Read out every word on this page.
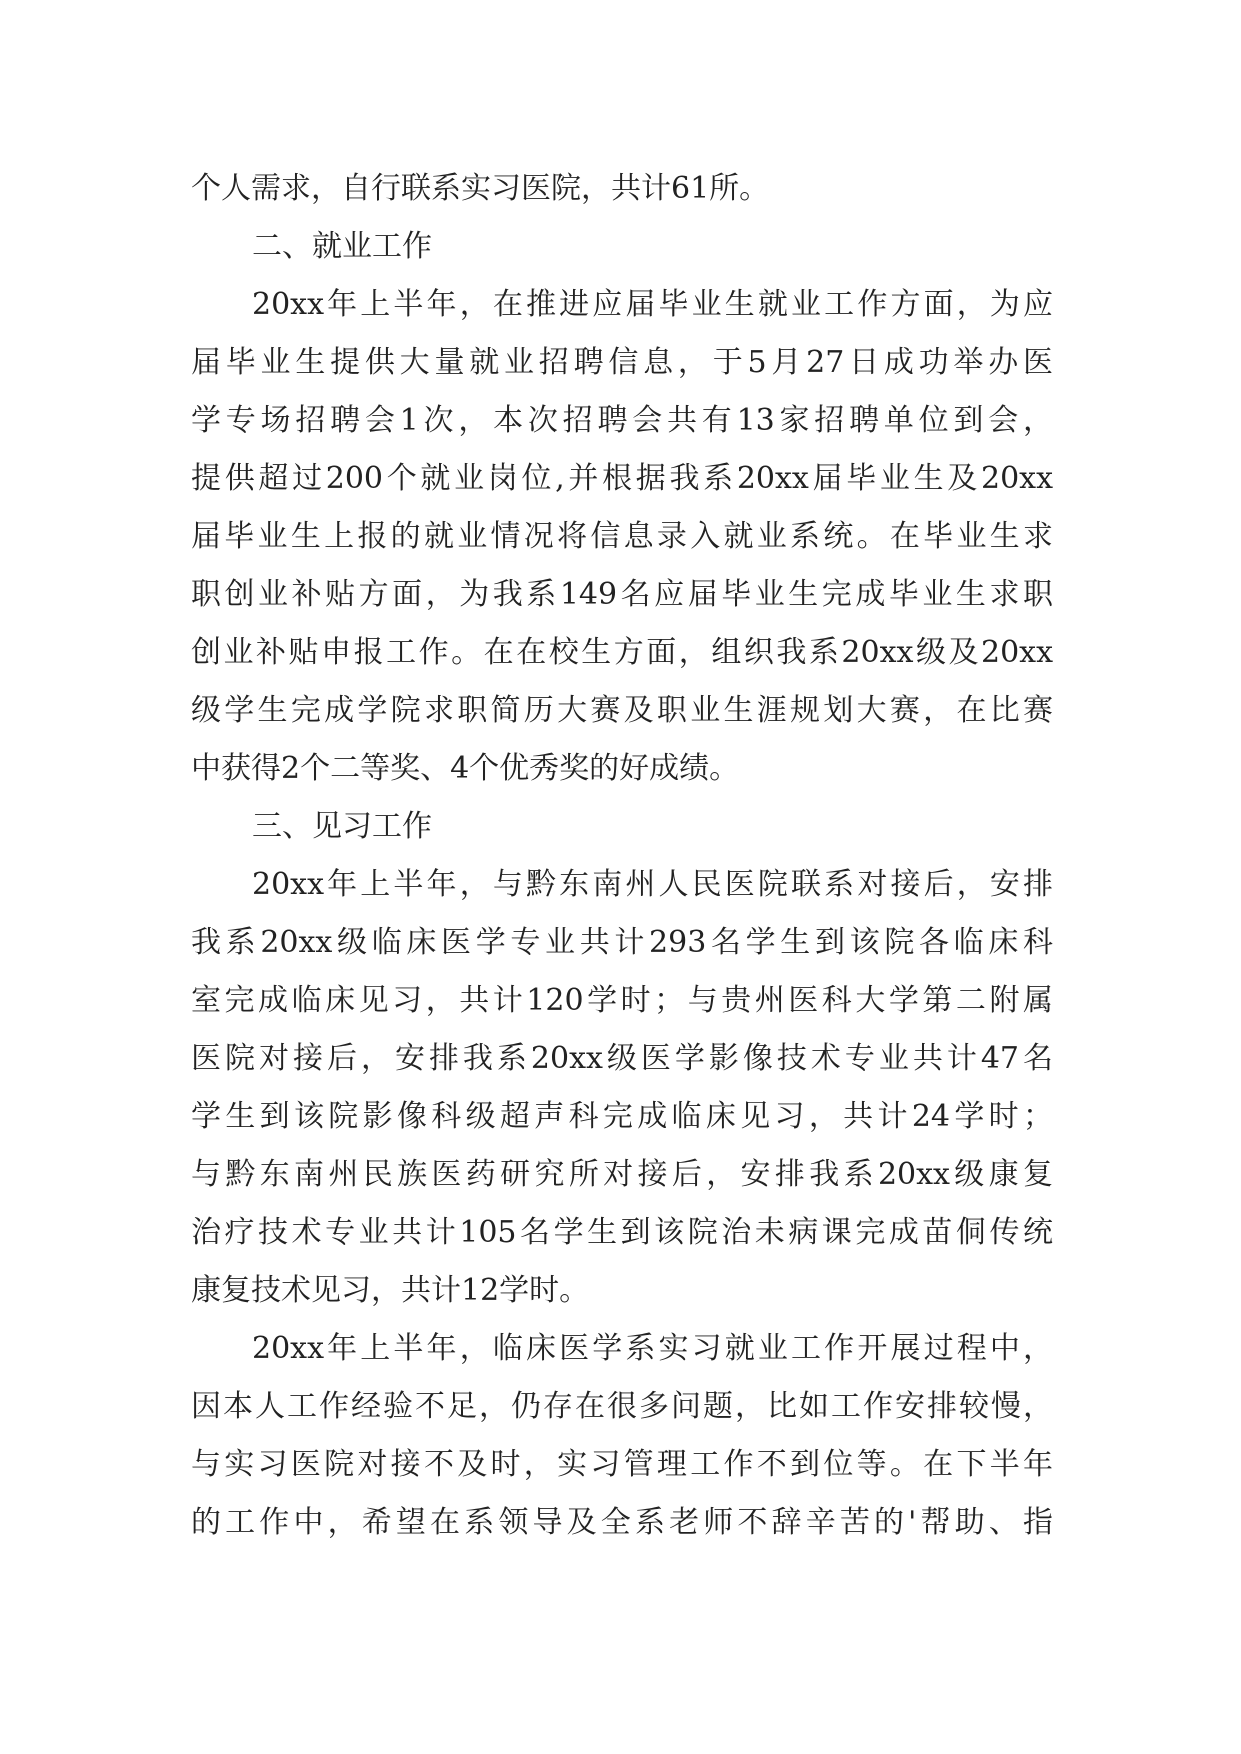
个人需求，自行联系实习医院，共计61所。
二、就业工作
20xx年上半年，在推进应届毕业生就业工作方面，为应
届毕业生提供大量就业招聘信息，于5月27日成功举办医
学专场招聘会1次，本次招聘会共有13家招聘单位到会，
提供超过200个就业岗位,并根据我系20xx届毕业生及20xx
届毕业生上报的就业情况将信息录入就业系统。在毕业生求
职创业补贴方面，为我系149名应届毕业生完成毕业生求职
创业补贴申报工作。在在校生方面，组织我系20xx级及20xx
级学生完成学院求职简历大赛及职业生涯规划大赛，在比赛
中获得2个二等奖、4个优秀奖的好成绩。
三、见习工作
20xx年上半年，与黔东南州人民医院联系对接后，安排
我系20xx级临床医学专业共计293名学生到该院各临床科
室完成临床见习，共计120学时；与贵州医科大学第二附属
医院对接后，安排我系20xx级医学影像技术专业共计47名
学生到该院影像科级超声科完成临床见习，共计24学时；
与黔东南州民族医药研究所对接后，安排我系20xx级康复
治疗技术专业共计105名学生到该院治未病课完成苗侗传统
康复技术见习，共计12学时。
20xx年上半年，临床医学系实习就业工作开展过程中，
因本人工作经验不足，仍存在很多问题，比如工作安排较慢，
与实习医院对接不及时，实习管理工作不到位等。在下半年
的工作中，希望在系领导及全系老师不辞辛苦的'帮助、指
